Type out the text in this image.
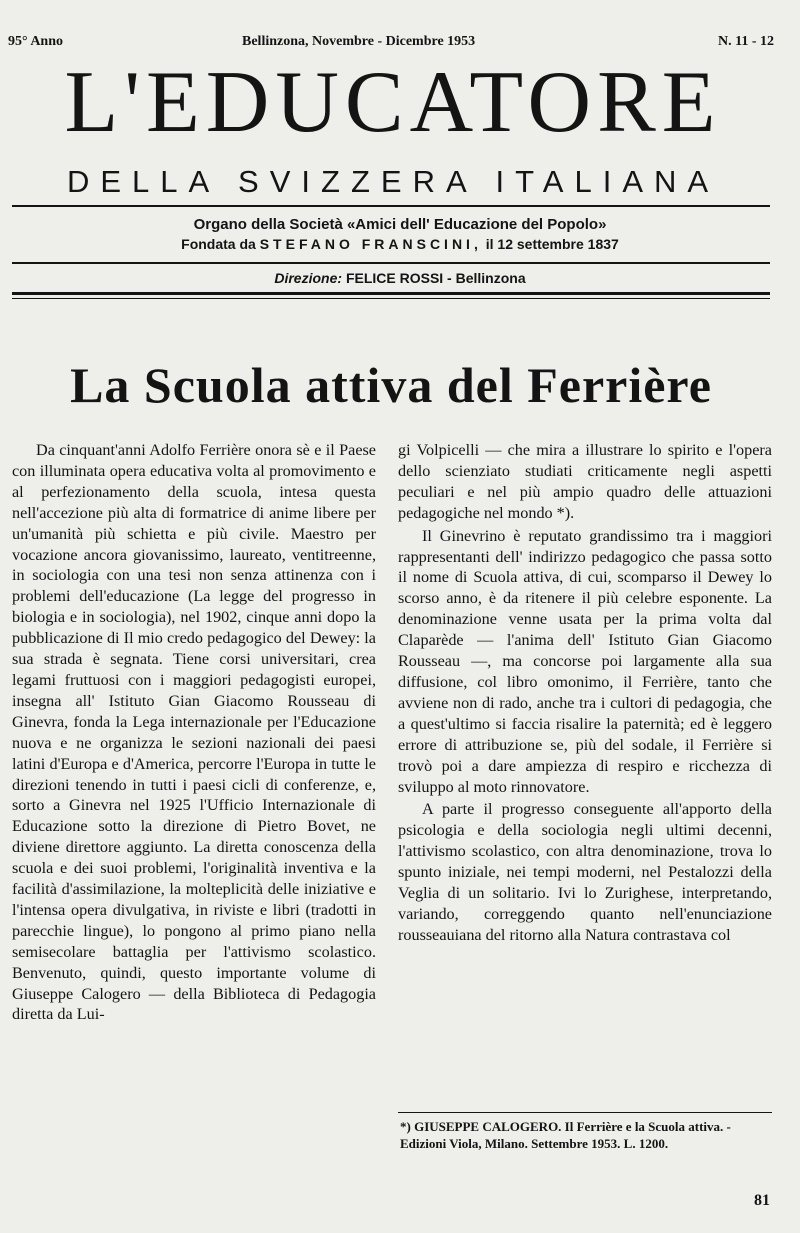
95° Anno	Bellinzona, Novembre - Dicembre 1953	N. 11 - 12
L'EDUCATORE
DELLA SVIZZERA ITALIANA
Organo della Società «Amici dell' Educazione del Popolo»
Fondata da STEFANO FRANSCINI, il 12 settembre 1837
Direzione: FELICE ROSSI - Bellinzona
La Scuola attiva del Ferrière

Da cinquant'anni Adolfo Ferrière onora sè e il Paese con illuminata opera educativa volta al promovimento e al perfezionamento della scuola, intesa questa nell'accezione più alta di formatrice di anime libere per un'umanità più schietta e più civile. Maestro per vocazione ancora giovanissimo, laureato, ventitreenne, in sociologia con una tesi non senza attinenza con i problemi dell'educazione (La legge del progresso in biologia e in sociologia), nel 1902, cinque anni dopo la pubblicazione di Il mio credo pedagogico del Dewey: la sua strada è segnata. Tiene corsi universitari, crea legami fruttuosi con i maggiori pedagogisti europei, insegna all' Istituto Gian Giacomo Rousseau di Ginevra, fonda la Lega internazionale per l'Educazione nuova e ne organizza le sezioni nazionali dei paesi latini d'Europa e d'America, percorre l'Europa in tutte le direzioni tenendo in tutti i paesi cicli di conferenze, e, sorto a Ginevra nel 1925 l'Ufficio Internazionale di Educazione sotto la direzione di Pietro Bovet, ne diviene direttore aggiunto. La diretta conoscenza della scuola e dei suoi problemi, l'originalità inventiva e la facilità d'assimilazione, la molteplicità delle iniziative e l'intensa opera divulgativa, in riviste e libri (tradotti in parecchie lingue), lo pongono al primo piano nella semisecolare battaglia per l'attivismo scolastico. Benvenuto, quindi, questo importante volume di Giuseppe Calogero — della Biblioteca di Pedagogia diretta da Lui-

gi Volpicelli — che mira a illustrare lo spirito e l'opera dello scienziato studiati criticamente negli aspetti peculiari e nel più ampio quadro delle attuazioni pedagogiche nel mondo *).

Il Ginevrino è reputato grandissimo tra i maggiori rappresentanti dell' indirizzo pedagogico che passa sotto il nome di Scuola attiva, di cui, scomparso il Dewey lo scorso anno, è da ritenere il più celebre esponente. La denominazione venne usata per la prima volta dal Claparède — l'anima dell' Istituto Gian Giacomo Rousseau —, ma concorse poi largamente alla sua diffusione, col libro omonimo, il Ferrière, tanto che avviene non di rado, anche tra i cultori di pedagogia, che a quest'ultimo si faccia risalire la paternità; ed è leggero errore di attribuzione se, più del sodale, il Ferrière si trovò poi a dare ampiezza di respiro e ricchezza di sviluppo al moto rinnovatore.

A parte il progresso conseguente all'apporto della psicologia e della sociologia negli ultimi decenni, l'attivismo scolastico, con altra denominazione, trova lo spunto iniziale, nei tempi moderni, nel Pestalozzi della Veglia di un solitario. Ivi lo Zurighese, interpretando, variando, correggendo quanto nell'enunciazione rousseauiana del ritorno alla Natura contrastava col

*) GIUSEPPE CALOGERO. Il Ferrière e la Scuola attiva. - Edizioni Viola, Milano. Settembre 1953. L. 1200.
81
